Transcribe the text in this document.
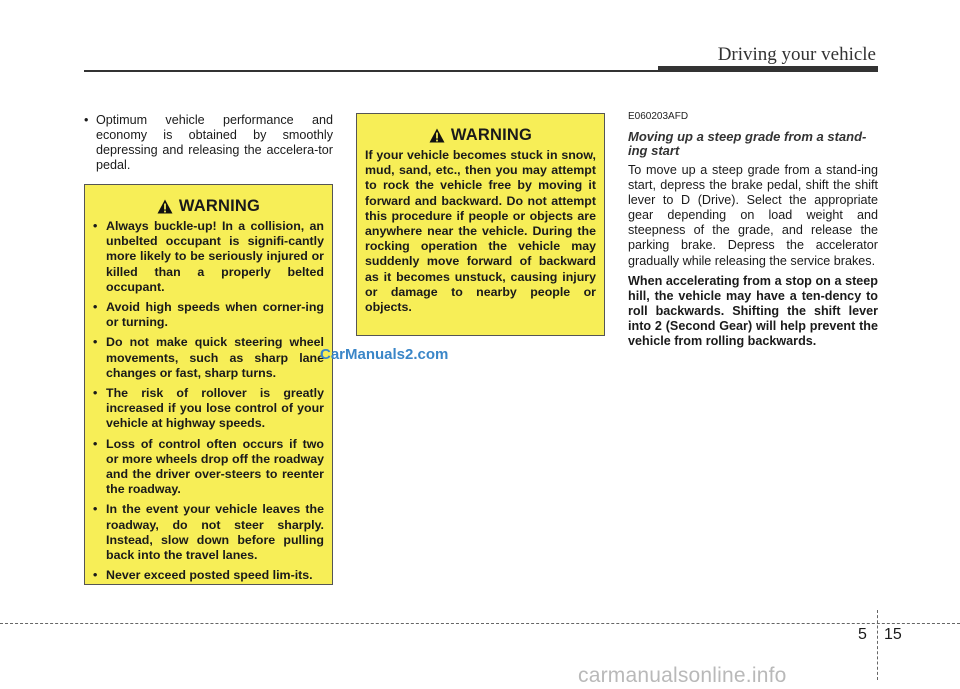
Driving your vehicle

• Optimum vehicle performance and economy is obtained by smoothly depressing and releasing the accelera-tor pedal.

WARNING
• Always buckle-up! In a collision, an unbelted occupant is signifi-cantly more likely to be seriously injured or killed than a properly belted occupant.
• Avoid high speeds when corner-ing or turning.
• Do not make quick steering wheel movements, such as sharp lane changes or fast, sharp turns.
• The risk of rollover is greatly increased if you lose control of your vehicle at highway speeds.
• Loss of control often occurs if two or more wheels drop off the roadway and the driver over-steers to reenter the roadway.
• In the event your vehicle leaves the roadway, do not steer sharply. Instead, slow down before pulling back into the travel lanes.
• Never exceed posted speed lim-its.
WARNING

If your vehicle becomes stuck in snow, mud, sand, etc., then you may attempt to rock the vehicle free by moving it forward and backward. Do not attempt this procedure if people or objects are anywhere near the vehicle. During the rocking operation the vehicle may suddenly move forward of backward as it becomes unstuck, causing injury or damage to nearby people or objects.

E060203AFD

Moving up a steep grade from a stand-ing start

To move up a steep grade from a stand-ing start, depress the brake pedal, shift the shift lever to D (Drive). Select the appropriate gear depending on load weight and steepness of the grade, and release the parking brake. Depress the accelerator gradually while releasing the service brakes.

When accelerating from a stop on a steep hill, the vehicle may have a ten-dency to roll backwards. Shifting the shift lever into 2 (Second Gear) will help prevent the vehicle from rolling backwards.

CarManuals2.com
5 15
carmanualsonline.info
